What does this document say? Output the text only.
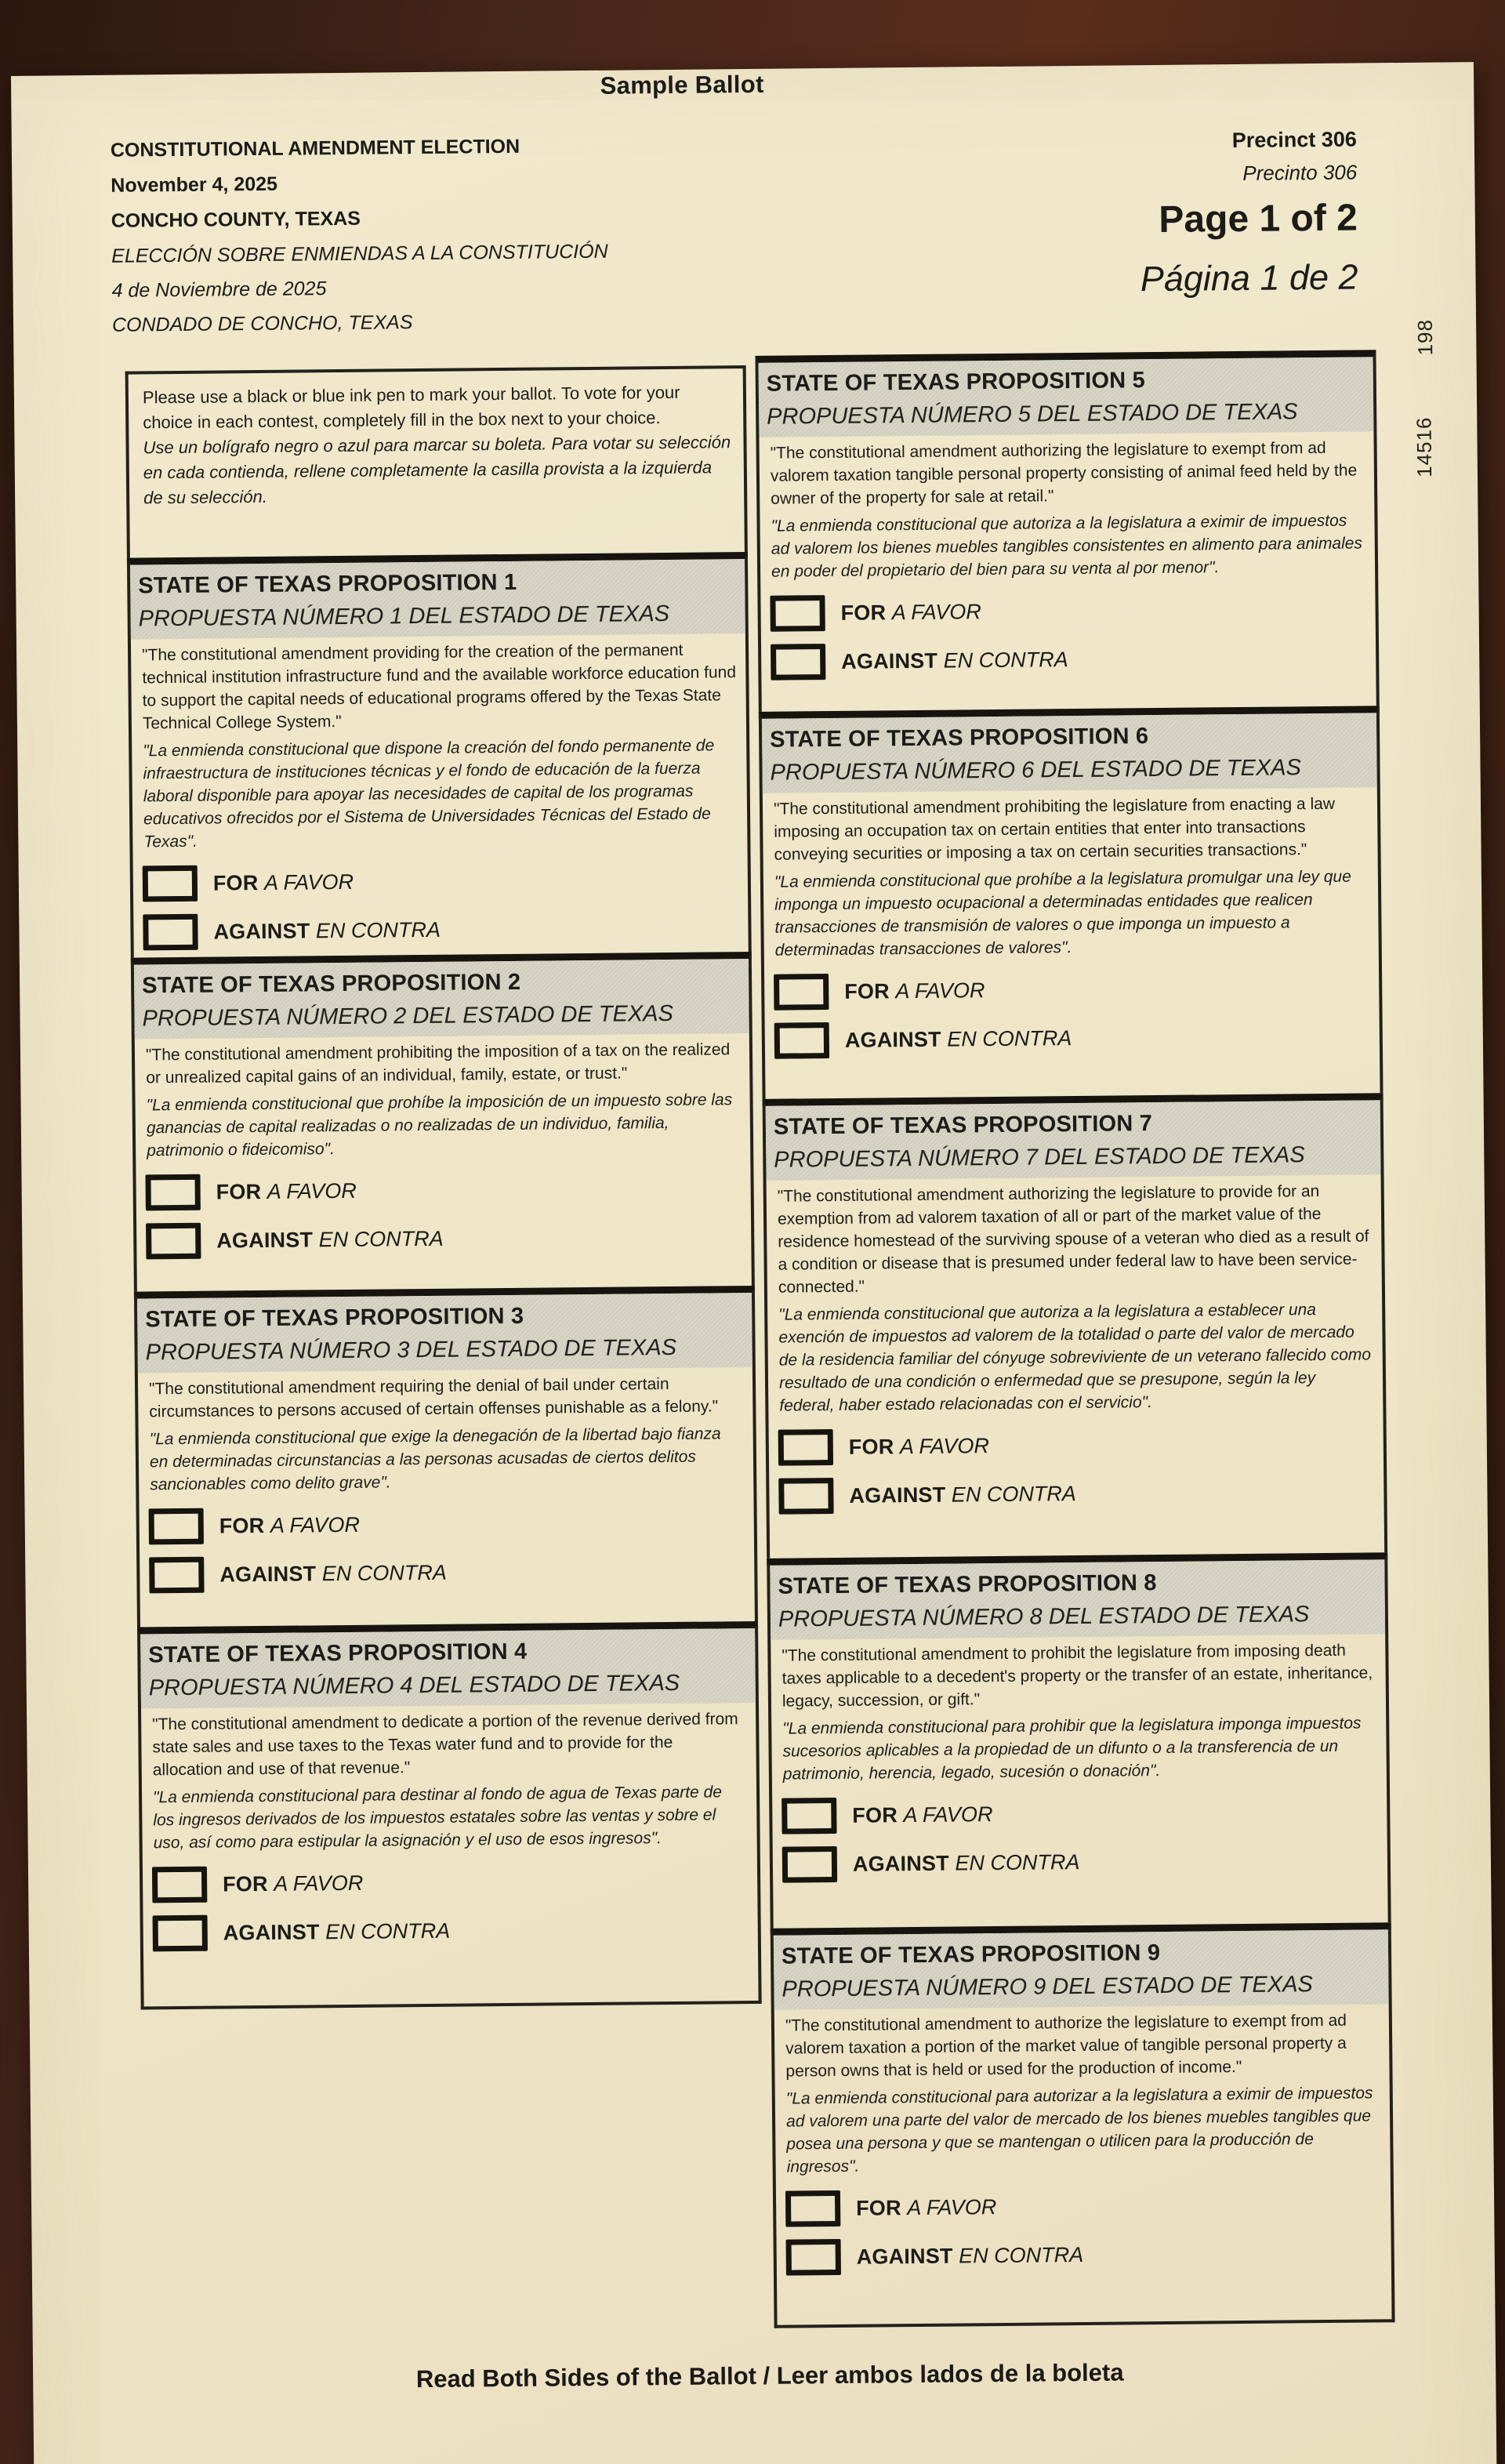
Sample Ballot
CONSTITUTIONAL AMENDMENT ELECTION
November 4, 2025
CONCHO COUNTY, TEXAS
ELECCIÓN SOBRE ENMIENDAS A LA CONSTITUCIÓN
4 de Noviembre de 2025
CONDADO DE CONCHO, TEXAS
Precinct 306
Precinto 306
Page 1 of 2
Página 1 de 2
198
14516
Please use a black or blue ink pen to mark your ballot. To vote for your choice in each contest, completely fill in the box next to your choice.
Use un bolígrafo negro o azul para marcar su boleta. Para votar su selección en cada contienda, rellene completamente la casilla provista a la izquierda de su selección.
STATE OF TEXAS PROPOSITION 1
PROPUESTA NÚMERO 1 DEL ESTADO DE TEXAS
"The constitutional amendment providing for the creation of the permanent technical institution infrastructure fund and the available workforce education fund to support the capital needs of educational programs offered by the Texas State Technical College System."
"La enmienda constitucional que dispone la creación del fondo permanente de infraestructura de instituciones técnicas y el fondo de educación de la fuerza laboral disponible para apoyar las necesidades de capital de los programas educativos ofrecidos por el Sistema de Universidades Técnicas del Estado de Texas".
FOR A FAVOR
AGAINST EN CONTRA
STATE OF TEXAS PROPOSITION 2
PROPUESTA NÚMERO 2 DEL ESTADO DE TEXAS
"The constitutional amendment prohibiting the imposition of a tax on the realized or unrealized capital gains of an individual, family, estate, or trust."
"La enmienda constitucional que prohíbe la imposición de un impuesto sobre las ganancias de capital realizadas o no realizadas de un individuo, familia, patrimonio o fideicomiso".
FOR A FAVOR
AGAINST EN CONTRA
STATE OF TEXAS PROPOSITION 3
PROPUESTA NÚMERO 3 DEL ESTADO DE TEXAS
"The constitutional amendment requiring the denial of bail under certain circumstances to persons accused of certain offenses punishable as a felony."
"La enmienda constitucional que exige la denegación de la libertad bajo fianza en determinadas circunstancias a las personas acusadas de ciertos delitos sancionables como delito grave".
FOR A FAVOR
AGAINST EN CONTRA
STATE OF TEXAS PROPOSITION 4
PROPUESTA NÚMERO 4 DEL ESTADO DE TEXAS
"The constitutional amendment to dedicate a portion of the revenue derived from state sales and use taxes to the Texas water fund and to provide for the allocation and use of that revenue."
"La enmienda constitucional para destinar al fondo de agua de Texas parte de los ingresos derivados de los impuestos estatales sobre las ventas y sobre el uso, así como para estipular la asignación y el uso de esos ingresos".
FOR A FAVOR
AGAINST EN CONTRA
STATE OF TEXAS PROPOSITION 5
PROPUESTA NÚMERO 5 DEL ESTADO DE TEXAS
"The constitutional amendment authorizing the legislature to exempt from ad valorem taxation tangible personal property consisting of animal feed held by the owner of the property for sale at retail."
"La enmienda constitucional que autoriza a la legislatura a eximir de impuestos ad valorem los bienes muebles tangibles consistentes en alimento para animales en poder del propietario del bien para su venta al por menor".
FOR A FAVOR
AGAINST EN CONTRA
STATE OF TEXAS PROPOSITION 6
PROPUESTA NÚMERO 6 DEL ESTADO DE TEXAS
"The constitutional amendment prohibiting the legislature from enacting a law imposing an occupation tax on certain entities that enter into transactions conveying securities or imposing a tax on certain securities transactions."
"La enmienda constitucional que prohíbe a la legislatura promulgar una ley que imponga un impuesto ocupacional a determinadas entidades que realicen transacciones de transmisión de valores o que imponga un impuesto a determinadas transacciones de valores".
FOR A FAVOR
AGAINST EN CONTRA
STATE OF TEXAS PROPOSITION 7
PROPUESTA NÚMERO 7 DEL ESTADO DE TEXAS
"The constitutional amendment authorizing the legislature to provide for an exemption from ad valorem taxation of all or part of the market value of the residence homestead of the surviving spouse of a veteran who died as a result of a condition or disease that is presumed under federal law to have been service-connected."
"La enmienda constitucional que autoriza a la legislatura a establecer una exención de impuestos ad valorem de la totalidad o parte del valor de mercado de la residencia familiar del cónyuge sobreviviente de un veterano fallecido como resultado de una condición o enfermedad que se presupone, según la ley federal, haber estado relacionadas con el servicio".
FOR A FAVOR
AGAINST EN CONTRA
STATE OF TEXAS PROPOSITION 8
PROPUESTA NÚMERO 8 DEL ESTADO DE TEXAS
"The constitutional amendment to prohibit the legislature from imposing death taxes applicable to a decedent's property or the transfer of an estate, inheritance, legacy, succession, or gift."
"La enmienda constitucional para prohibir que la legislatura imponga impuestos sucesorios aplicables a la propiedad de un difunto o a la transferencia de un patrimonio, herencia, legado, sucesión o donación".
FOR A FAVOR
AGAINST EN CONTRA
STATE OF TEXAS PROPOSITION 9
PROPUESTA NÚMERO 9 DEL ESTADO DE TEXAS
"The constitutional amendment to authorize the legislature to exempt from ad valorem taxation a portion of the market value of tangible personal property a person owns that is held or used for the production of income."
"La enmienda constitucional para autorizar a la legislatura a eximir de impuestos ad valorem una parte del valor de mercado de los bienes muebles tangibles que posea una persona y que se mantengan o utilicen para la producción de ingresos".
FOR A FAVOR
AGAINST EN CONTRA
Read Both Sides of the Ballot / Leer ambos lados de la boleta
